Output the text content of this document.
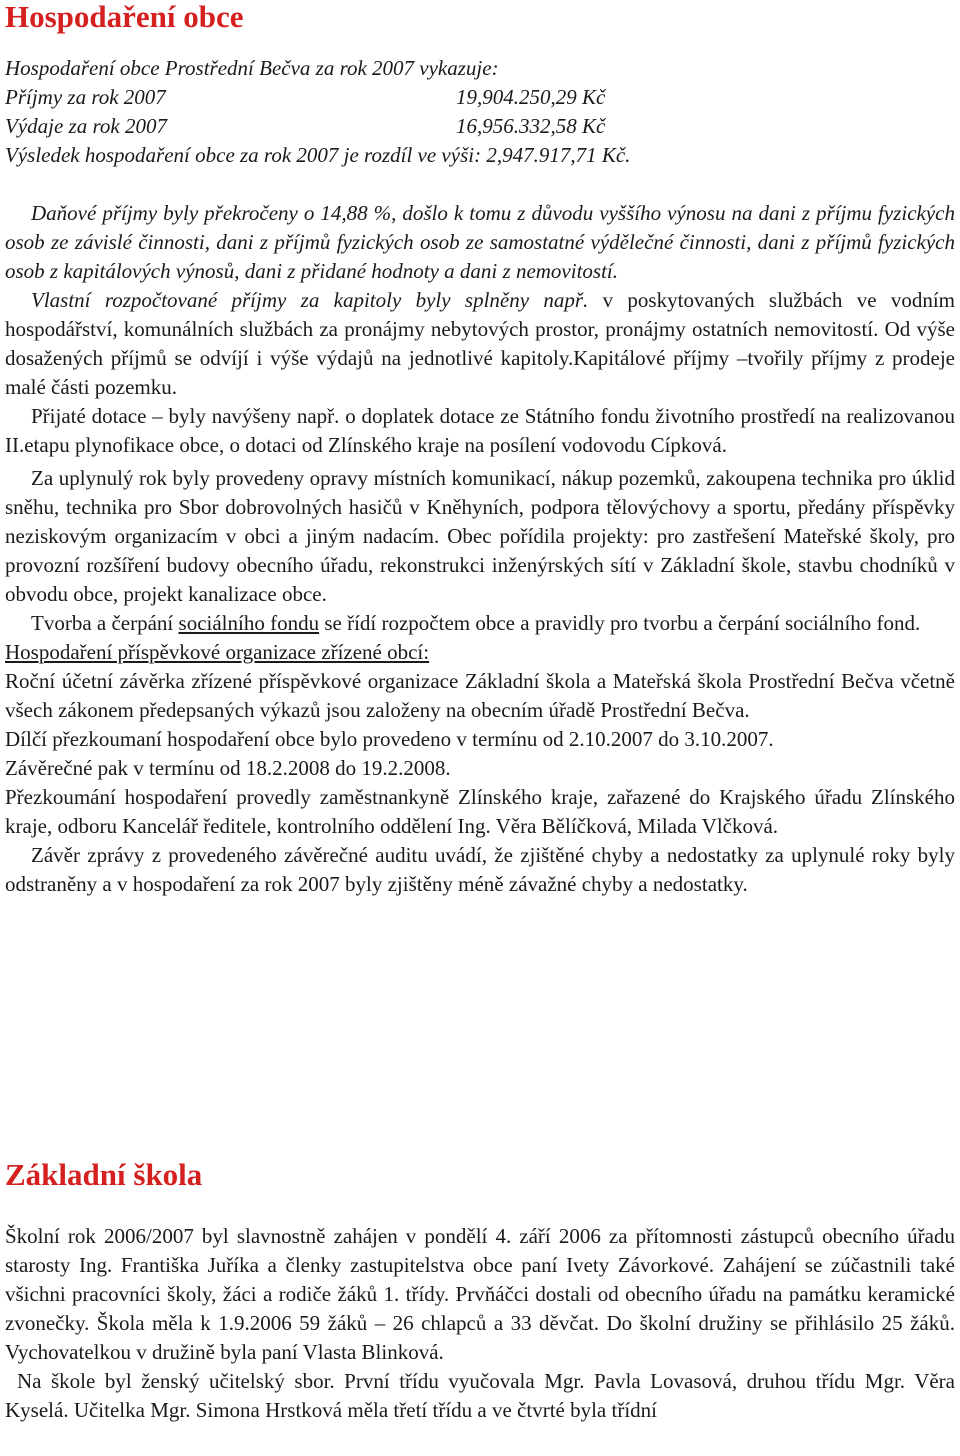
Hospodaření obce

Hospodaření obce Prostřední Bečva za rok 2007 vykazuje:

Příjmy za rok 2007	19,904.250,29 Kč

Výdaje za rok 2007	16,956.332,58 Kč

Výsledek hospodaření obce za rok 2007 je rozdíl ve výši: 2,947.917,71 Kč.

Daňové příjmy byly překročeny o 14,88 %, došlo k tomu z důvodu vyššího výnosu na dani z příjmu fyzických osob ze závislé činnosti, dani z příjmů fyzických osob ze samostatné výdělečné činnosti, dani z příjmů fyzických osob z kapitálových výnosů, dani z přidané hodnoty a dani z nemovitostí.

Vlastní rozpočtované příjmy za kapitoly byly splněny např. v poskytovaných službách ve vodním hospodářství, komunálních službách za pronájmy nebytových prostor, pronájmy ostatních nemovitostí. Od výše dosažených příjmů se odvíjí i výše výdajů na jednotlivé kapitoly.Kapitálové příjmy –tvořily příjmy z prodeje malé části pozemku.

Přijaté dotace – byly navýšeny např. o doplatek dotace ze Státního fondu životního prostředí na realizovanou II.etapu plynofikace obce, o dotaci od Zlínského kraje na posílení vodovodu Cípková.

Za uplynulý rok byly provedeny opravy místních komunikací, nákup pozemků, zakoupena technika pro úklid sněhu, technika pro Sbor dobrovolných hasičů v Kněhyních, podpora tělovýchovy a sportu, předány příspěvky neziskovým organizacím v obci a jiným nadacím. Obec pořídila projekty: pro zastřešení Mateřské školy, pro provozní rozšíření budovy obecního úřadu, rekonstrukci inženýrských sítí v Základní škole, stavbu chodníků v obvodu obce, projekt kanalizace obce.

Tvorba a čerpání sociálního fondu se řídí rozpočtem obce a pravidly pro tvorbu a čerpání sociálního fond.

Hospodaření příspěvkové organizace zřízené obcí:

Roční účetní závěrka zřízené příspěvkové organizace Základní škola a Mateřská škola Prostřední Bečva včetně všech zákonem předepsaných výkazů jsou založeny na obecním úřadě Prostřední Bečva.

Dílčí přezkoumaní hospodaření obce bylo provedeno v termínu od 2.10.2007 do 3.10.2007.

Závěrečné pak v termínu od 18.2.2008 do 19.2.2008.

Přezkoumání hospodaření provedly zaměstnankyně Zlínského kraje, zařazené do Krajského úřadu Zlínského kraje, odboru Kancelář ředitele, kontrolního oddělení Ing. Věra Bělíčková, Milada Vlčková.

Závěr zprávy z provedeného závěrečné auditu uvádí, že zjištěné chyby a nedostatky za uplynulé roky byly odstraněny a v hospodaření za rok 2007 byly zjištěny méně závažné chyby a nedostatky.

Základní škola

Školní rok 2006/2007 byl slavnostně zahájen v pondělí 4. září 2006 za přítomnosti zástupců obecního úřadu starosty Ing. Františka Juříka a členky zastupitelstva obce paní Ivety Závorkové. Zahájení se zúčastnili také všichni pracovníci školy, žáci a rodiče žáků 1. třídy. Prvňáčci dostali od obecního úřadu na památku keramické zvonečky. Škola měla k 1.9.2006 59 žáků – 26 chlapců a 33 děvčat. Do školní družiny se přihlásilo 25 žáků. Vychovatelkou v družině byla paní Vlasta Blinková.

Na škole byl ženský učitelský sbor. První třídu vyučovala Mgr. Pavla Lovasová, druhou třídu Mgr. Věra Kyselá. Učitelka Mgr. Simona Hrstková měla třetí třídu a ve čtvrté byla třídní
